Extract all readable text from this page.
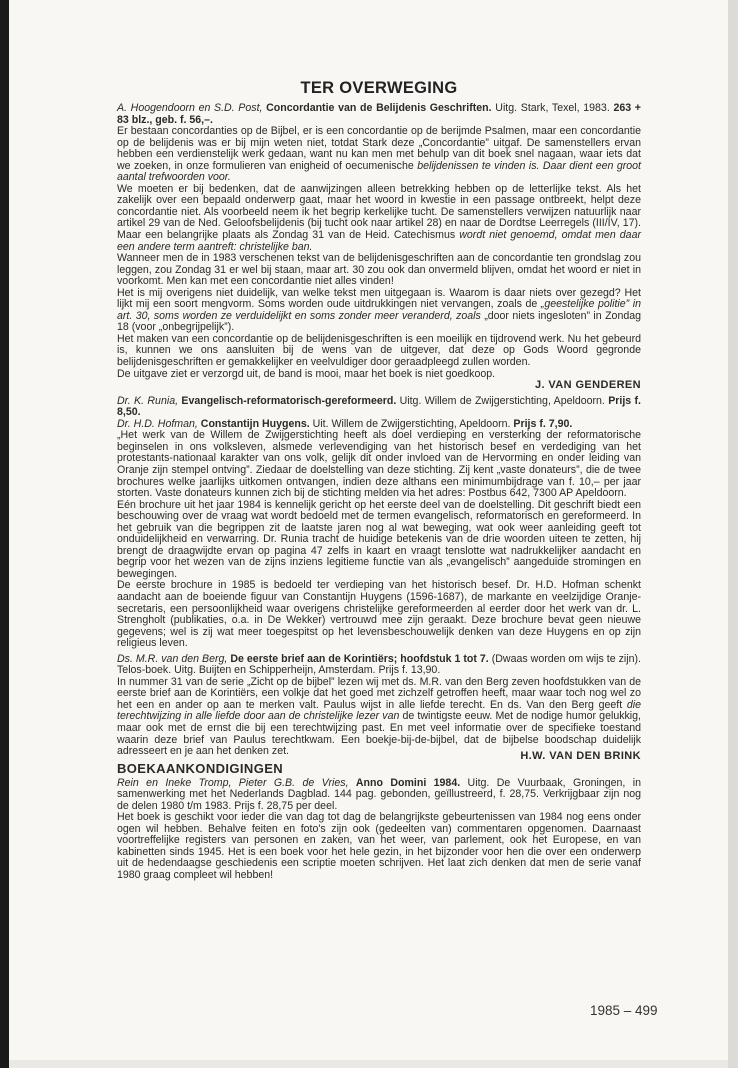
TER OVERWEGING

A. Hoogendoorn en S.D. Post, Concordantie van de Belijdenis Geschriften. Uitg. Stark, Texel, 1983. 263 + 83 blz., geb. f. 56,–.

Er bestaan concordanties op de Bijbel, er is een concordantie op de berijmde Psalmen, maar een concordantie op de belijdenis was er bij mijn weten niet, totdat Stark deze „Concordantie” uitgaf. De samenstellers ervan hebben een verdienstelijk werk gedaan, want nu kan men met behulp van dit boek snel nagaan, waar iets dat we zoeken, in onze formulieren van enigheid of oecumenische belijdenissen te vinden is. Daar dient een groot aantal trefwoorden voor.

We moeten er bij bedenken, dat de aanwijzingen alleen betrekking hebben op de letterlijke tekst. Als het zakelijk over een bepaald onderwerp gaat, maar het woord in kwestie in een passage ontbreekt, helpt deze concordantie niet. Als voorbeeld neem ik het begrip kerkelijke tucht. De samenstellers verwijzen natuurlijk naar artikel 29 van de Ned. Geloofsbelijdenis (bij tucht ook naar artikel 28) en naar de Dordtse Leerregels (III/IV, 17). Maar een belangrijke plaats als Zondag 31 van de Heid. Catechismus wordt niet genoemd, omdat men daar een andere term aantreft: christelijke ban.

Wanneer men de in 1983 verschenen tekst van de belijdenisgeschriften aan de concordantie ten grondslag zou leggen, zou Zondag 31 er wel bij staan, maar art. 30 zou ook dan onvermeld blijven, omdat het woord er niet in voorkomt. Men kan met een concordantie niet alles vinden!

Het is mij overigens niet duidelijk, van welke tekst men uitgegaan is. Waarom is daar niets over gezegd? Het lijkt mij een soort mengvorm. Soms worden oude uitdrukkingen niet vervangen, zoals de „geestelijke politie” in art. 30, soms worden ze verduidelijkt en soms zonder meer veranderd, zoals „door niets ingesloten” in Zondag 18 (voor „onbegrijpelijk”).

Het maken van een concordantie op de belijdenisgeschriften is een moeilijk en tijdrovend werk. Nu het gebeurd is, kunnen we ons aansluiten bij de wens van de uitgever, dat deze op Gods Woord gegronde belijdenisgeschriften er gemakkelijker en veelvuldiger door geraadpleegd zullen worden.

De uitgave ziet er verzorgd uit, de band is mooi, maar het boek is niet goedkoop.

J. VAN GENDEREN

Dr. K. Runia, Evangelisch-reformatorisch-gereformeerd. Uitg. Willem de Zwijgerstichting, Apeldoorn. Prijs f. 8,50.

Dr. H.D. Hofman, Constantijn Huygens. Uit. Willem de Zwijgerstichting, Apeldoorn. Prijs f. 7,90.

„Het werk van de Willem de Zwijgerstichting heeft als doel verdieping en versterking der reformatorische beginselen in ons volksleven, alsmede verlevendiging van het historisch besef en verdediging van het protestants-nationaal karakter van ons volk, gelijk dit onder invloed van de Hervorming en onder leiding van Oranje zijn stempel ontving”. Ziedaar de doelstelling van deze stichting. Zij kent „vaste donateurs”, die de twee brochures welke jaarlijks uitkomen ontvangen, indien deze althans een minimumbijdrage van f. 10,– per jaar storten. Vaste donateurs kunnen zich bij de stichting melden via het adres: Postbus 642, 7300 AP Apeldoorn.

Eén brochure uit het jaar 1984 is kennelijk gericht op het eerste deel van de doelstelling. Dit geschrift biedt een beschouwing over de vraag wat wordt bedoeld met de termen evangelisch, reformatorisch en gereformeerd. In het gebruik van die begrippen zit de laatste jaren nog al wat beweging, wat ook weer aanleiding geeft tot onduidelijkheid en verwarring. Dr. Runia tracht de huidige betekenis van de drie woorden uiteen te zetten, hij brengt de draagwijdte ervan op pagina 47 zelfs in kaart en vraagt tenslotte wat nadrukkelijker aandacht en begrip voor het wezen van de zijns inziens legitieme functie van als „evangelisch” aangeduide stromingen en bewegingen.

De eerste brochure in 1985 is bedoeld ter verdieping van het historisch besef. Dr. H.D. Hofman schenkt aandacht aan de boeiende figuur van Constantijn Huygens (1596-1687), de markante en veelzijdige Oranje-secretaris, een persoonlijkheid waar overigens christelijke gereformeerden al eerder door het werk van dr. L. Strengholt (publikaties, o.a. in De Wekker) vertrouwd mee zijn geraakt. Deze brochure bevat geen nieuwe gegevens; wel is zij wat meer toegespitst op het levensbeschouwelijk denken van deze Huygens en op zijn religieus leven.

Ds. M.R. van den Berg, De eerste brief aan de Korintiërs; hoofdstuk 1 tot 7. (Dwaas worden om wijs te zijn). Telos-boek. Uitg. Buijten en Schipperheijn, Amsterdam. Prijs f. 13,90.

In nummer 31 van de serie „Zicht op de bijbel” lezen wij met ds. M.R. van den Berg zeven hoofdstukken van de eerste brief aan de Korintiërs, een volkje dat het goed met zichzelf getroffen heeft, maar waar toch nog wel zo het een en ander op aan te merken valt. Paulus wijst in alle liefde terecht. En ds. Van den Berg geeft die terechtwijzing in alle liefde door aan de christelijke lezer van de twintigste eeuw. Met de nodige humor gelukkig, maar ook met de ernst die bij een terechtwijzing past. En met veel informatie over de specifieke toestand waarin deze brief van Paulus terechtkwam. Een boekje-bij-de-bijbel, dat de bijbelse boodschap duidelijk adresseert en je aan het denken zet.	H.W. VAN DEN BRINK

BOEKAANKONDIGINGEN

Rein en Ineke Tromp, Pieter G.B. de Vries, Anno Domini 1984. Uitg. De Vuurbaak, Groningen, in samenwerking met het Nederlands Dagblad. 144 pag. gebonden, geïllustreerd, f. 28,75. Verkrijgbaar zijn nog de delen 1980 t/m 1983. Prijs f. 28,75 per deel.

Het boek is geschikt voor ieder die van dag tot dag de belangrijkste gebeurtenissen van 1984 nog eens onder ogen wil hebben. Behalve feiten en foto's zijn ook (gedeelten van) commentaren opgenomen. Daarnaast voortreffelijke registers van personen en zaken, van het weer, van parlement, ook het Europese, en van kabinetten sinds 1945. Het is een boek voor het hele gezin, in het bijzonder voor hen die over een onderwerp uit de hedendaagse geschiedenis een scriptie moeten schrijven. Het laat zich denken dat men de serie vanaf 1980 graag compleet wil hebben!

1985 – 499
